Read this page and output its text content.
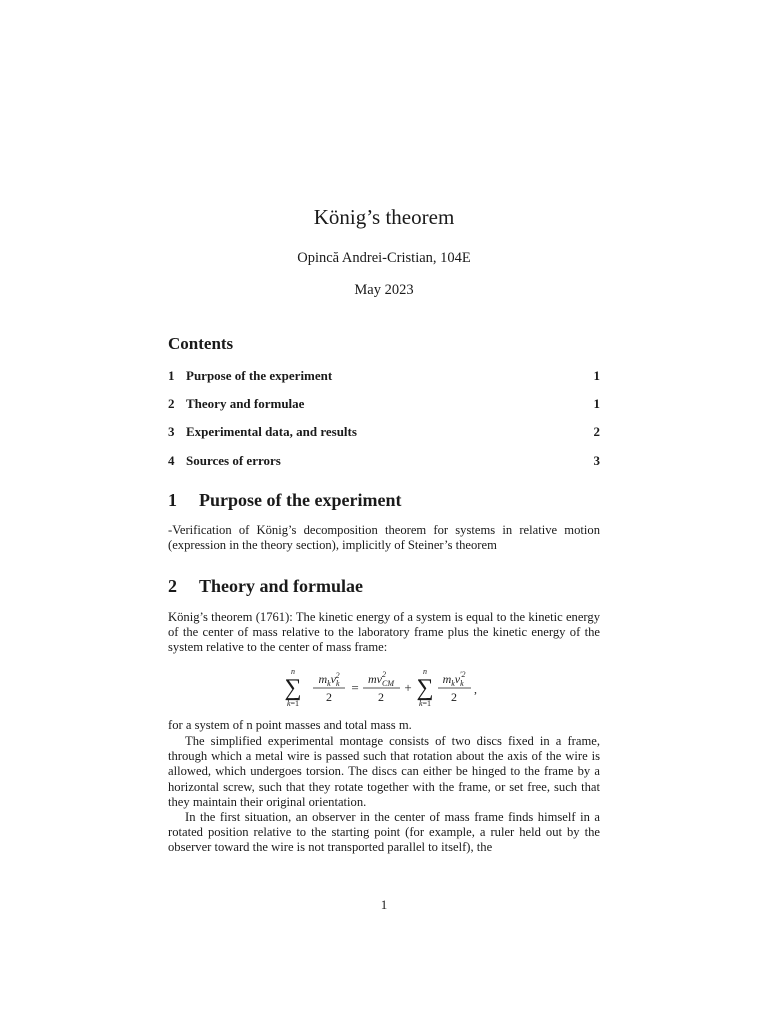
König’s theorem
Opincă Andrei-Cristian, 104E
May 2023
Contents
1 Purpose of the experiment	1
2 Theory and formulae	1
3 Experimental data, and results	2
4 Sources of errors	3
1	Purpose of the experiment
-Verification of König’s decomposition theorem for systems in relative motion (expression in the theory section), implicitly of Steiner’s theorem
2	Theory and formulae
König’s theorem (1761): The kinetic energy of a system is equal to the kinetic energy of the center of mass relative to the laboratory frame plus the kinetic energy of the system relative to the center of mass frame:
n
∑
k=1
$m_kv_k2$
2
=
$mv^2$ CM
2
+
n
∑
k=1
$m_kv_k'2$
2
,
for a system of n point masses and total mass m.
The simplified experimental montage consists of two discs fixed in a frame, through which a metal wire is passed such that rotation about the axis of the wire is allowed, which undergoes torsion. The discs can either be hinged to the frame by a horizontal screw, such that they rotate together with the frame, or set free, such that they maintain their original orientation.
In the first situation, an observer in the center of mass frame finds himself in a rotated position relative to the starting point (for example, a ruler held out by the observer toward the wire is not transported parallel to itself), the
1
